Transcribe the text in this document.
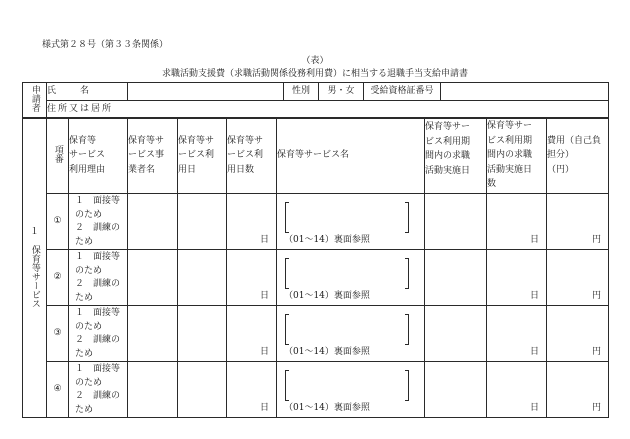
様式第２８号（第３３条関係）
（表）
求職活動支援費（求職活動関係役務利用費）に相当する退職手当支給申請書
申請者	氏　　名		性別	男・女	受給資格証番号	
住所又は居所
１
保育等サービス	項番	保育等
サービス
利用理由	保育等サ
ービス事
業者名	保育等サ
ービス利
用日	保育等サ
ービス利
用日数	保育等サービス名	保育等サー
ビス利用期
間内の求職
活動実施日	保育等サー
ビス利用期
間内の求職
活動実施日
数	費用（自己負
担分）
（円）

	①	１　面接等
のため
２　訓練の
ため			日	（01～14）裏面参照		日	円

	②	１　面接等
のため
２　訓練の
ため			日	（01～14）裏面参照		日	円

	③	１　面接等
のため
２　訓練の
ため			日	（01～14）裏面参照		日	円

	④	１　面接等
のため
２　訓練の
ため			日	（01～14）裏面参照		日	円
